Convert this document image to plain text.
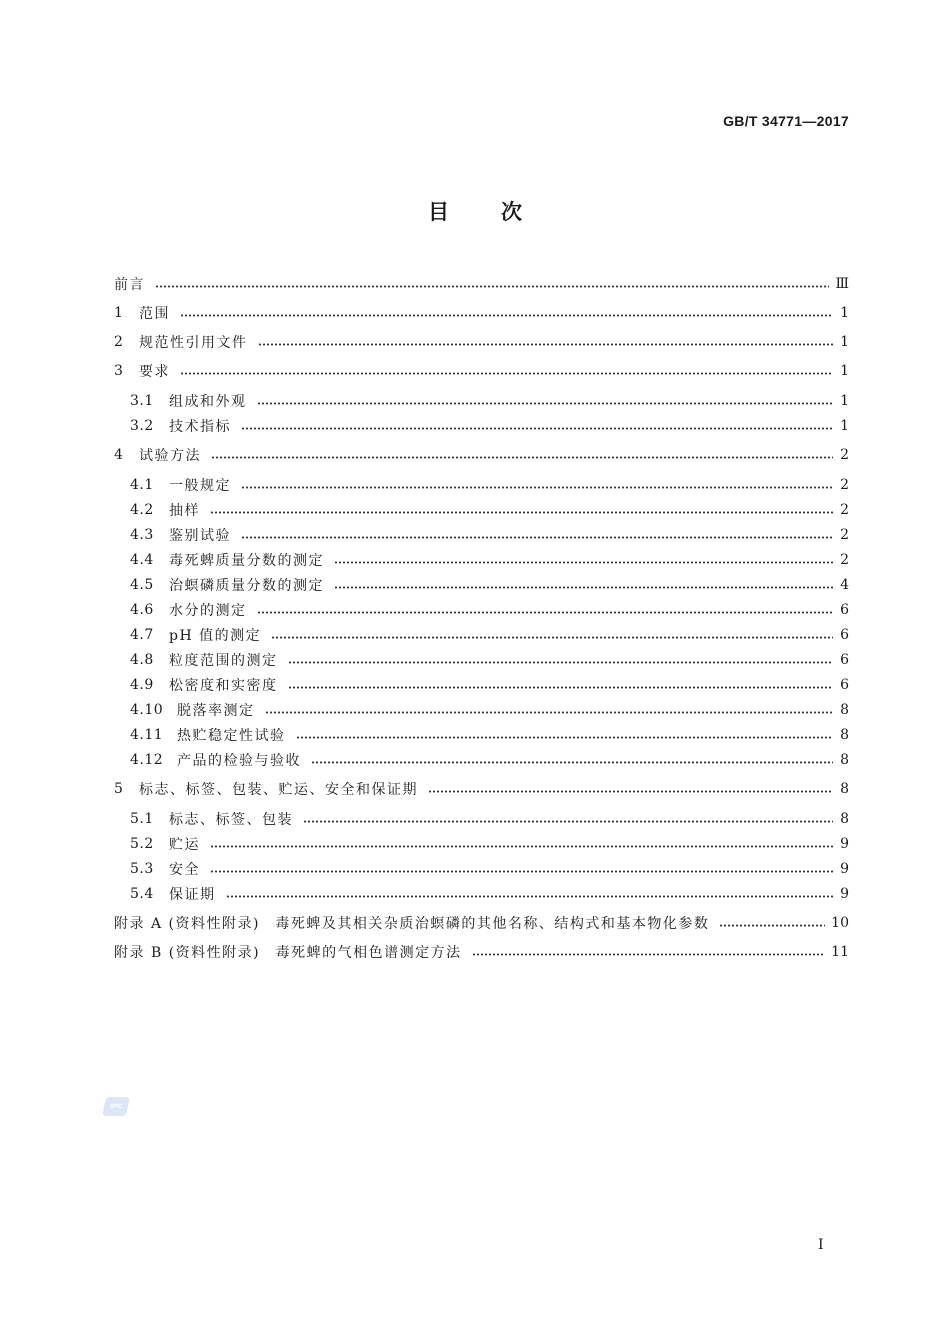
GB/T 34771—2017
目次
前言	Ⅲ
1	范围	1
2	规范性引用文件	1
3	要求	1
3.1	组成和外观	1
3.2	技术指标	1
4	试验方法	2
4.1	一般规定	2
4.2	抽样	2
4.3	鉴别试验	2
4.4	毒死蜱质量分数的测定	2
4.5	治螟磷质量分数的测定	4
4.6	水分的测定	6
4.7	pH 值的测定	6
4.8	粒度范围的测定	6
4.9	松密度和实密度	6
4.10 脱落率测定	8
4.11 热贮稳定性试验	8
4.12 产品的检验与验收	8
5	标志、标签、包装、贮运、安全和保证期	8
5.1	标志、标签、包装	8
5.2	贮运	9
5.3	安全	9
5.4	保证期	9
附录 A (资料性附录)　毒死蜱及其相关杂质治螟磷的其他名称、结构式和基本物化参数	10
附录 B (资料性附录)　毒死蜱的气相色谱测定方法	11
SPC
I
